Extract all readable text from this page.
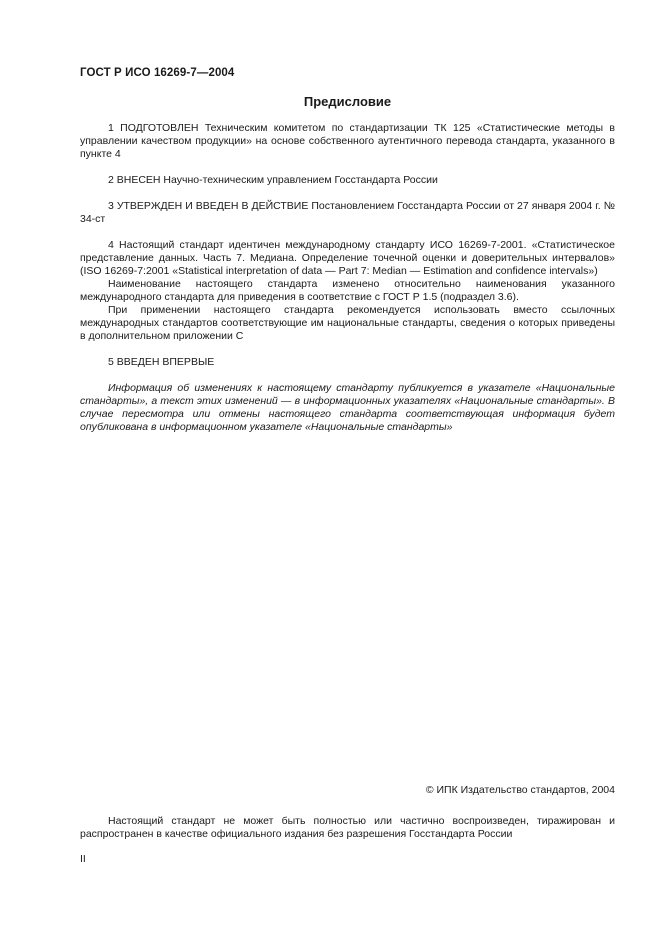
ГОСТ Р ИСО 16269-7—2004
Предисловие

1 ПОДГОТОВЛЕН Техническим комитетом по стандартизации ТК 125 «Статистические методы в управлении качеством продукции» на основе собственного аутентичного перевода стандарта, указанного в пункте 4

2 ВНЕСЕН Научно-техническим управлением Госстандарта России

3 УТВЕРЖДЕН И ВВЕДЕН В ДЕЙСТВИЕ Постановлением Госстандарта России от 27 января 2004 г. № 34-ст

4 Настоящий стандарт идентичен международному стандарту ИСО 16269-7-2001. «Статистическое представление данных. Часть 7. Медиана. Определение точечной оценки и доверительных интервалов» (ISO 16269-7:2001 «Statistical interpretation of data — Part 7: Median — Estimation and confidence intervals»)

Наименование настоящего стандарта изменено относительно наименования указанного международного стандарта для приведения в соответствие с ГОСТ Р 1.5 (подраздел 3.6).

При применении настоящего стандарта рекомендуется использовать вместо ссылочных международных стандартов соответствующие им национальные стандарты, сведения о которых приведены в дополнительном приложении С

5 ВВЕДЕН ВПЕРВЫЕ

Информация об изменениях к настоящему стандарту публикуется в указателе «Национальные стандарты», а текст этих изменений — в информационных указателях «Национальные стандарты». В случае пересмотра или отмены настоящего стандарта соответствующая информация будет опубликована в информационном указателе «Национальные стандарты»

© ИПК Издательство стандартов, 2004

Настоящий стандарт не может быть полностью или частично воспроизведен, тиражирован и распространен в качестве официального издания без разрешения Госстандарта России

II
